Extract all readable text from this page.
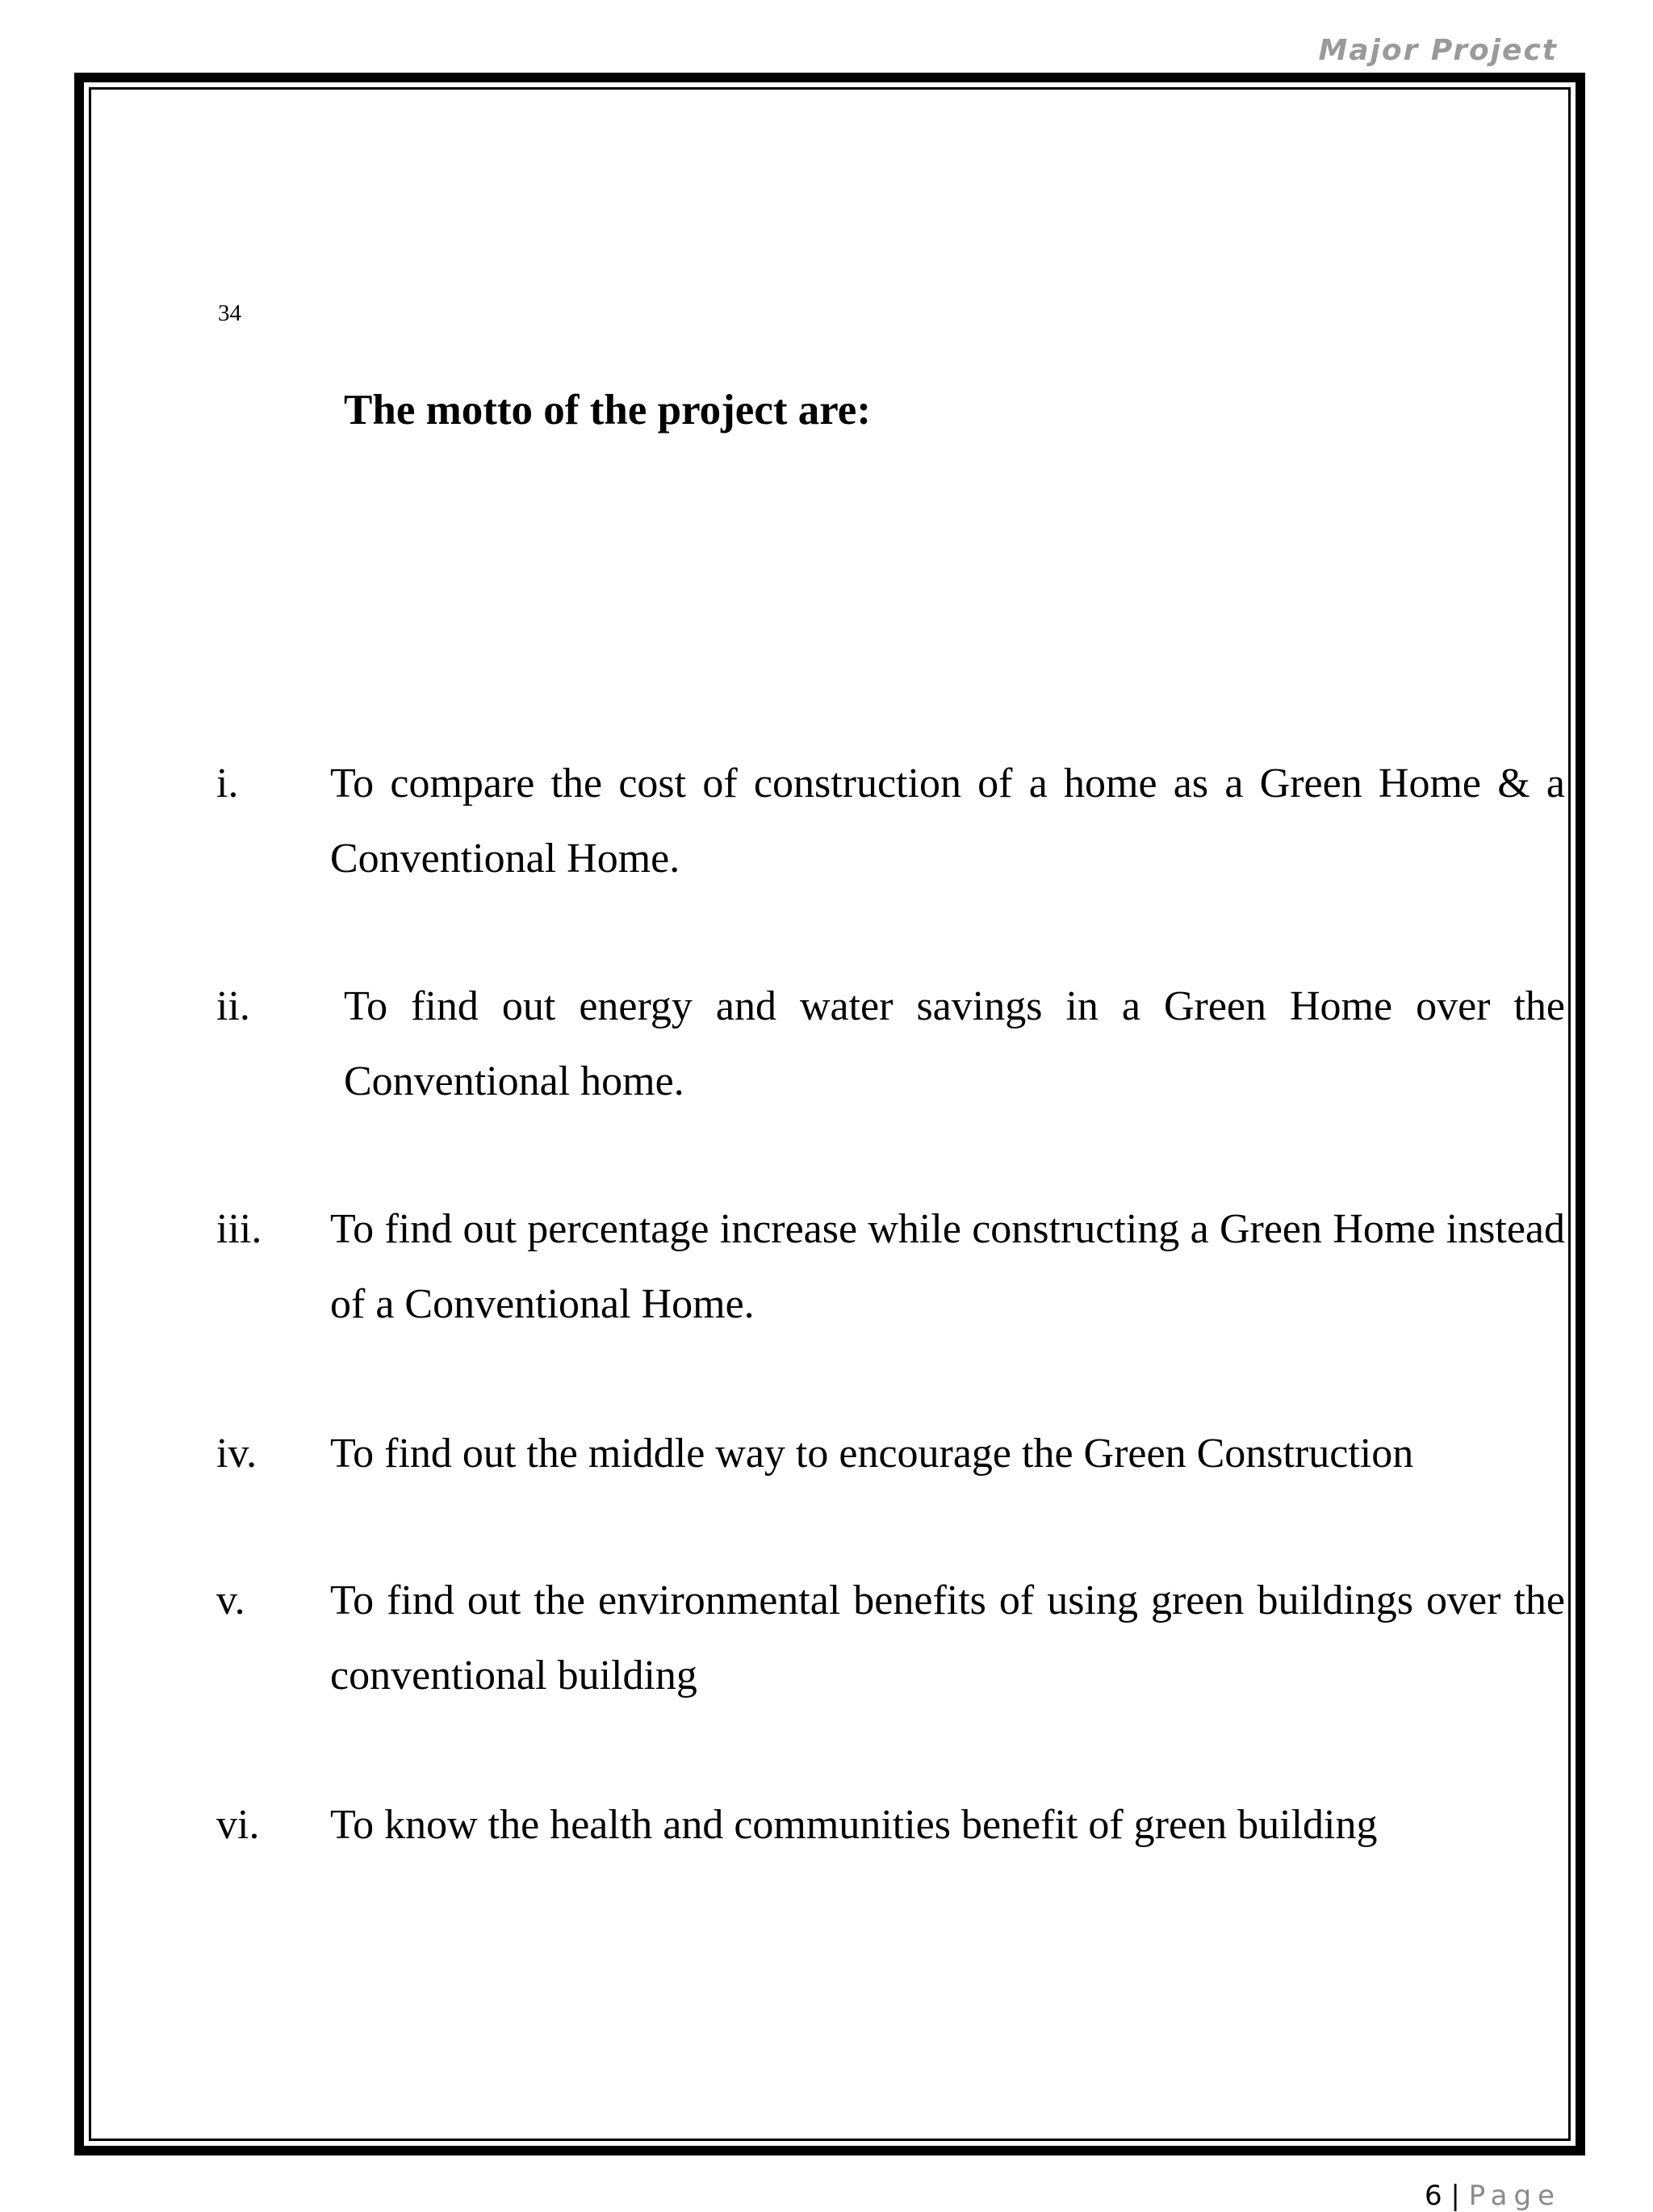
Major Project
34
The motto of the project are:
i. To compare the cost of construction of a home as a Green Home & a Conventional Home.
ii. To find out energy and water savings in a Green Home over the Conventional home.
iii. To find out percentage increase while constructing a Green Home instead of a Conventional Home.
iv. To find out the middle way to encourage the Green Construction
v. To find out the environmental benefits of using green buildings over the conventional building
vi. To know the health and communities benefit of green building
6 | Page
